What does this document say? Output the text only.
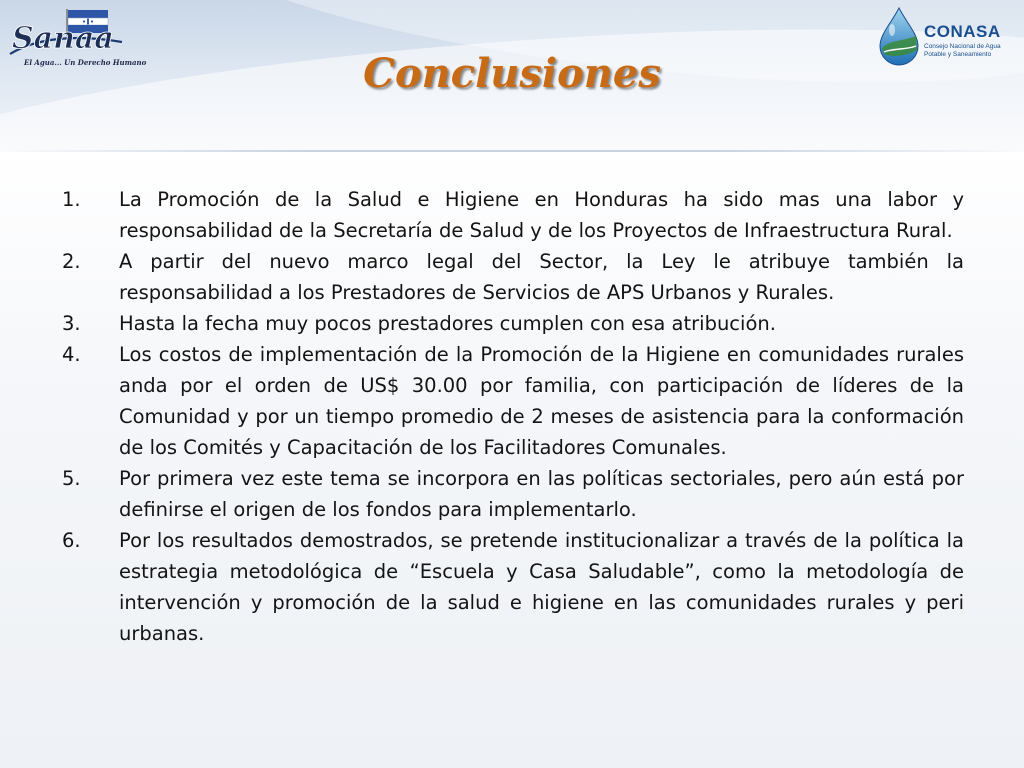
Sanaa
El Agua... Un Derecho Humano
CONASA
Consejo Nacional de Agua
Potable y Saneamiento
Conclusiones
1. La Promoción de la Salud e Higiene en Honduras ha sido mas una labor y responsabilidad de la Secretaría de Salud y de los Proyectos de Infraestructura Rural.
2. A partir del nuevo marco legal del Sector, la Ley le atribuye también la responsabilidad a los Prestadores de Servicios de APS Urbanos y Rurales.
3. Hasta la fecha muy pocos prestadores cumplen con esa atribución.
4. Los costos de implementación de la Promoción de la Higiene en comunidades rurales anda por el orden de US$ 30.00 por familia, con participación de líderes de la Comunidad y por un tiempo promedio de 2 meses de asistencia para la conformación de los Comités y Capacitación de los Facilitadores Comunales.
5. Por primera vez este tema se incorpora en las políticas sectoriales, pero aún está por definirse el origen de los fondos para implementarlo.
6. Por los resultados demostrados, se pretende institucionalizar a través de la política la estrategia metodológica de “Escuela y Casa Saludable”, como la metodología de intervención y promoción de la salud e higiene en las comunidades rurales y peri urbanas.
